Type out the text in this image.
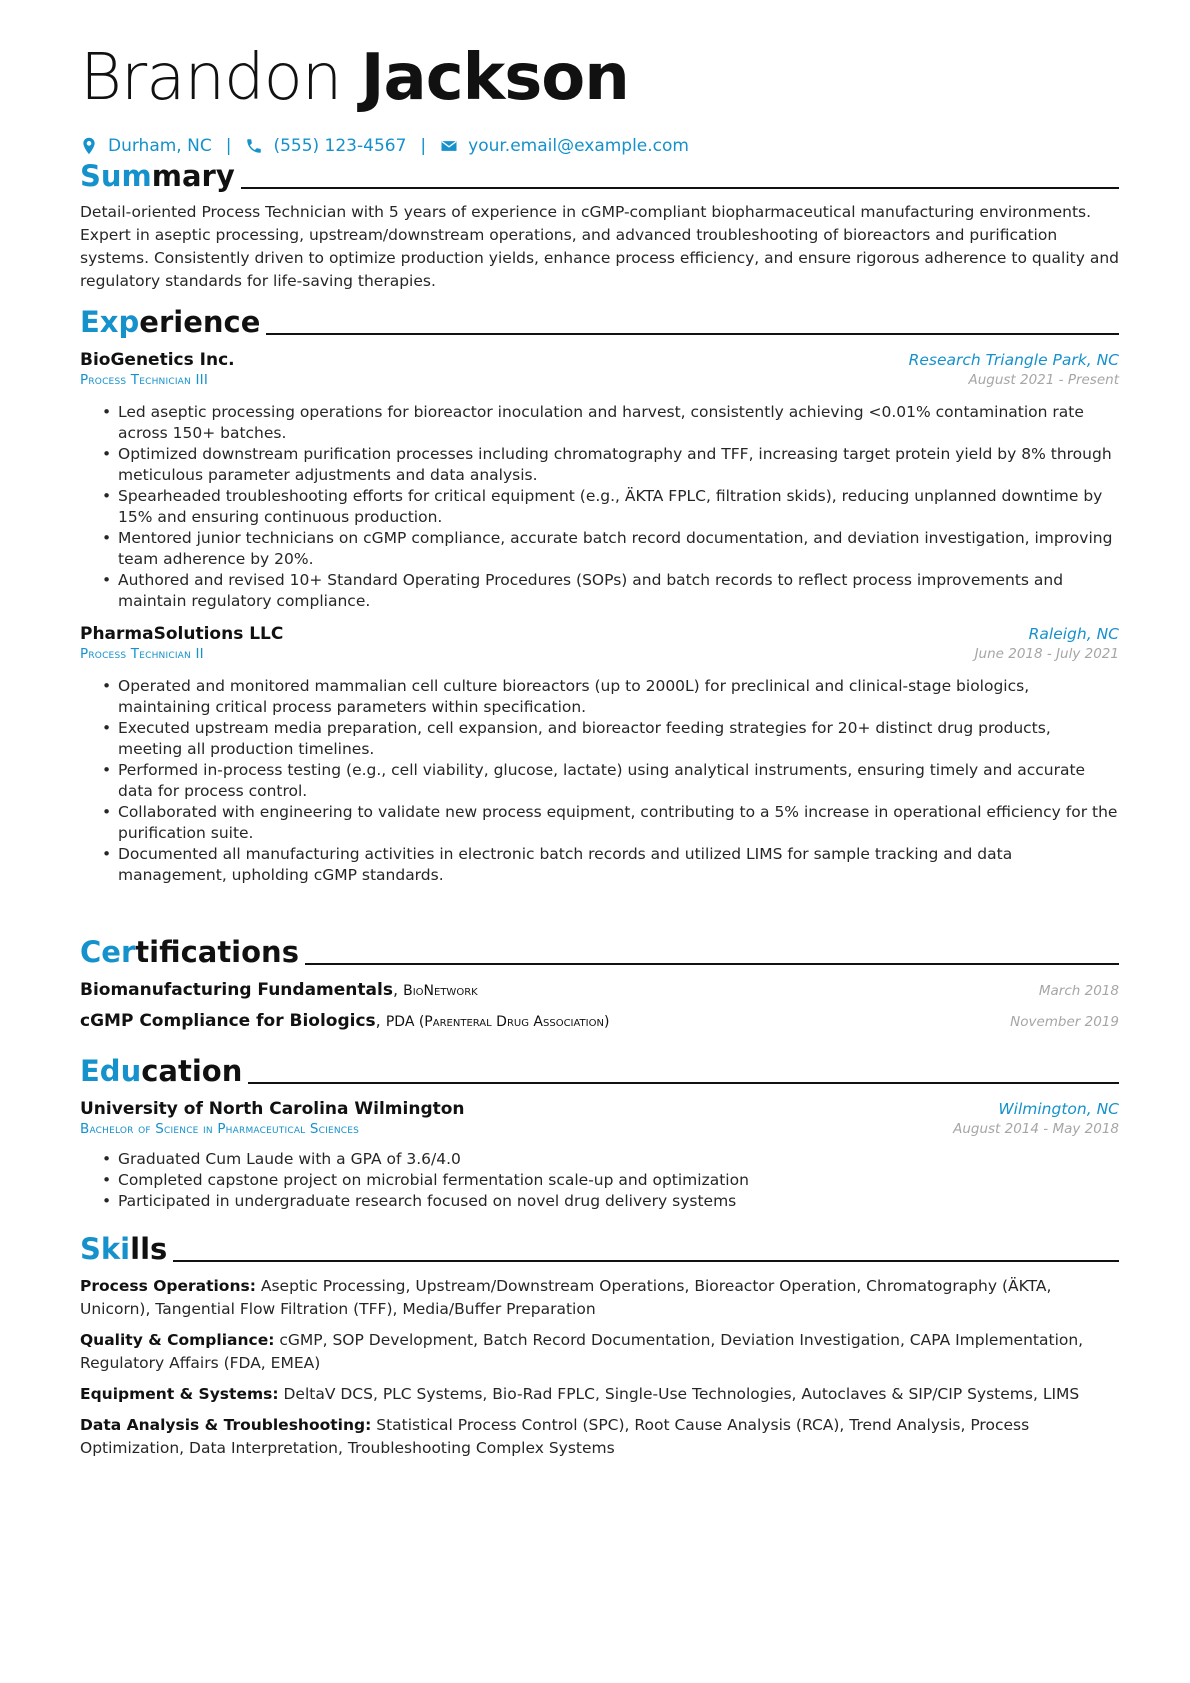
Brandon Jackson
Durham, NC | (555) 123-4567 | your.email@example.com
Summary

Detail-oriented Process Technician with 5 years of experience in cGMP-compliant biopharmaceutical manufacturing environments. Expert in aseptic processing, upstream/downstream operations, and advanced troubleshooting of bioreactors and purification systems. Consistently driven to optimize production yields, enhance process efficiency, and ensure rigorous adherence to quality and regulatory standards for life-saving therapies.

Experience
BioGenetics Inc.	Research Triangle Park, NC
Process Technician III	August 2021 - Present
• Led aseptic processing operations for bioreactor inoculation and harvest, consistently achieving <0.01% contamination rate across 150+ batches.
• Optimized downstream purification processes including chromatography and TFF, increasing target protein yield by 8% through meticulous parameter adjustments and data analysis.
• Spearheaded troubleshooting efforts for critical equipment (e.g., ÄKTA FPLC, filtration skids), reducing unplanned downtime by 15% and ensuring continuous production.
• Mentored junior technicians on cGMP compliance, accurate batch record documentation, and deviation investigation, improving team adherence by 20%.
• Authored and revised 10+ Standard Operating Procedures (SOPs) and batch records to reflect process improvements and maintain regulatory compliance.
PharmaSolutions LLC	Raleigh, NC
Process Technician II	June 2018 - July 2021
• Operated and monitored mammalian cell culture bioreactors (up to 2000L) for preclinical and clinical-stage biologics, maintaining critical process parameters within specification.
• Executed upstream media preparation, cell expansion, and bioreactor feeding strategies for 20+ distinct drug products, meeting all production timelines.
• Performed in-process testing (e.g., cell viability, glucose, lactate) using analytical instruments, ensuring timely and accurate data for process control.
• Collaborated with engineering to validate new process equipment, contributing to a 5% increase in operational efficiency for the purification suite.
• Documented all manufacturing activities in electronic batch records and utilized LIMS for sample tracking and data management, upholding cGMP standards.
Certifications
Biomanufacturing Fundamentals, BioNetwork	March 2018
cGMP Compliance for Biologics, PDA (Parenteral Drug Association)	November 2019
Education
University of North Carolina Wilmington	Wilmington, NC
Bachelor of Science in Pharmaceutical Sciences	August 2014 - May 2018
• Graduated Cum Laude with a GPA of 3.6/4.0
• Completed capstone project on microbial fermentation scale-up and optimization
• Participated in undergraduate research focused on novel drug delivery systems
Skills

Process Operations: Aseptic Processing, Upstream/Downstream Operations, Bioreactor Operation, Chromatography (ÄKTA, Unicorn), Tangential Flow Filtration (TFF), Media/Buffer Preparation

Quality & Compliance: cGMP, SOP Development, Batch Record Documentation, Deviation Investigation, CAPA Implementation, Regulatory Affairs (FDA, EMEA)

Equipment & Systems: DeltaV DCS, PLC Systems, Bio-Rad FPLC, Single-Use Technologies, Autoclaves & SIP/CIP Systems, LIMS

Data Analysis & Troubleshooting: Statistical Process Control (SPC), Root Cause Analysis (RCA), Trend Analysis, Process Optimization, Data Interpretation, Troubleshooting Complex Systems
